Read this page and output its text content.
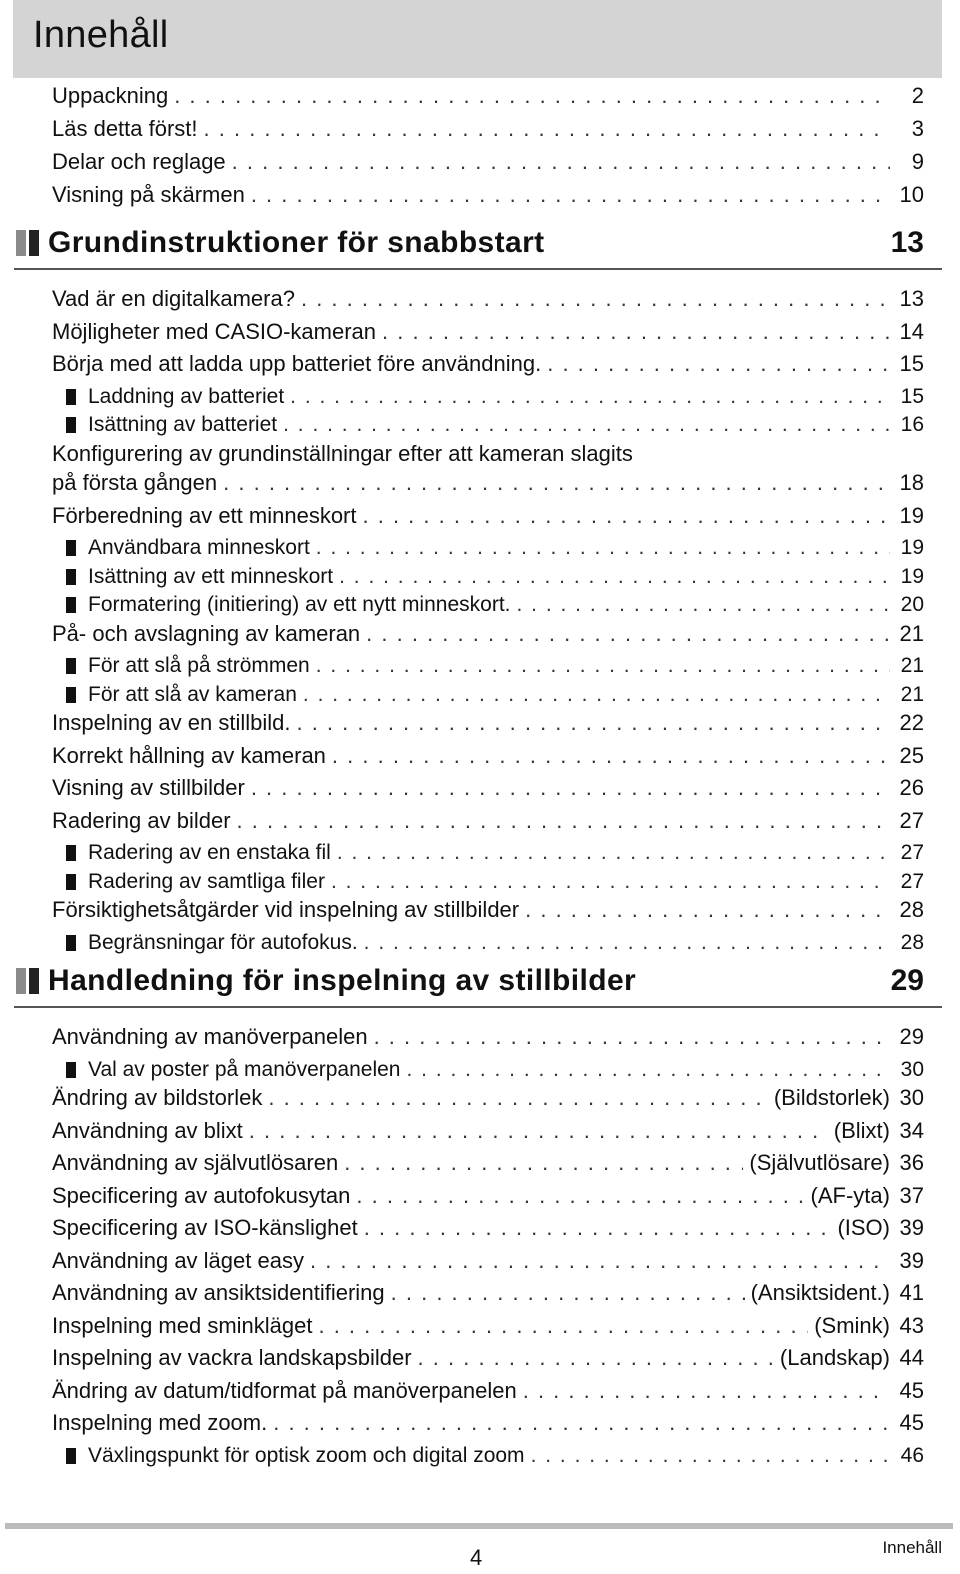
Innehåll
Uppackning . . .	2
Läs detta först! . . .	3
Delar och reglage . . .	9
Visning på skärmen . . .	10
Grundinstruktioner för snabbstart	13
Vad är en digitalkamera? . . .	13
Möjligheter med CASIO-kameran . . .	14
Börja med att ladda upp batteriet före användning. . . .	15
Laddning av batteriet . . .	15
Isättning av batteriet . . .	16
Konfigurering av grundinställningar efter att kameran slagits
på första gången . . .	18
Förberedning av ett minneskort . . .	19
Användbara minneskort . . .	19
Isättning av ett minneskort . . .	19
Formatering (initiering) av ett nytt minneskort. . . .	20
På- och avslagning av kameran . . .	21
För att slå på strömmen . . .	21
För att slå av kameran . . .	21
Inspelning av en stillbild. . . .	22
Korrekt hållning av kameran . . .	25
Visning av stillbilder . . .	26
Radering av bilder . . .	27
Radering av en enstaka fil . . .	27
Radering av samtliga filer . . .	27
Försiktighetsåtgärder vid inspelning av stillbilder . . .	28
Begränsningar för autofokus. . . .	28
Handledning för inspelning av stillbilder	29
Användning av manöverpanelen . . .	29
Val av poster på manöverpanelen . . .	30
Ändring av bildstorlek . . .	(Bildstorlek) 30
Användning av blixt . . .	(Blixt) 34
Användning av självutlösaren . . .	(Självutlösare) 36
Specificering av autofokusytan . . .	(AF-yta) 37
Specificering av ISO-känslighet . . .	(ISO) 39
Användning av läget easy . . .	39
Användning av ansiktsidentifiering . . .	(Ansiktsident.) 41
Inspelning med sminkläget . . .	(Smink) 43
Inspelning av vackra landskapsbilder . . .	(Landskap) 44
Ändring av datum/tidformat på manöverpanelen . . .	45
Inspelning med zoom. . . .	45
Växlingspunkt för optisk zoom och digital zoom . . .	46
4	Innehåll
